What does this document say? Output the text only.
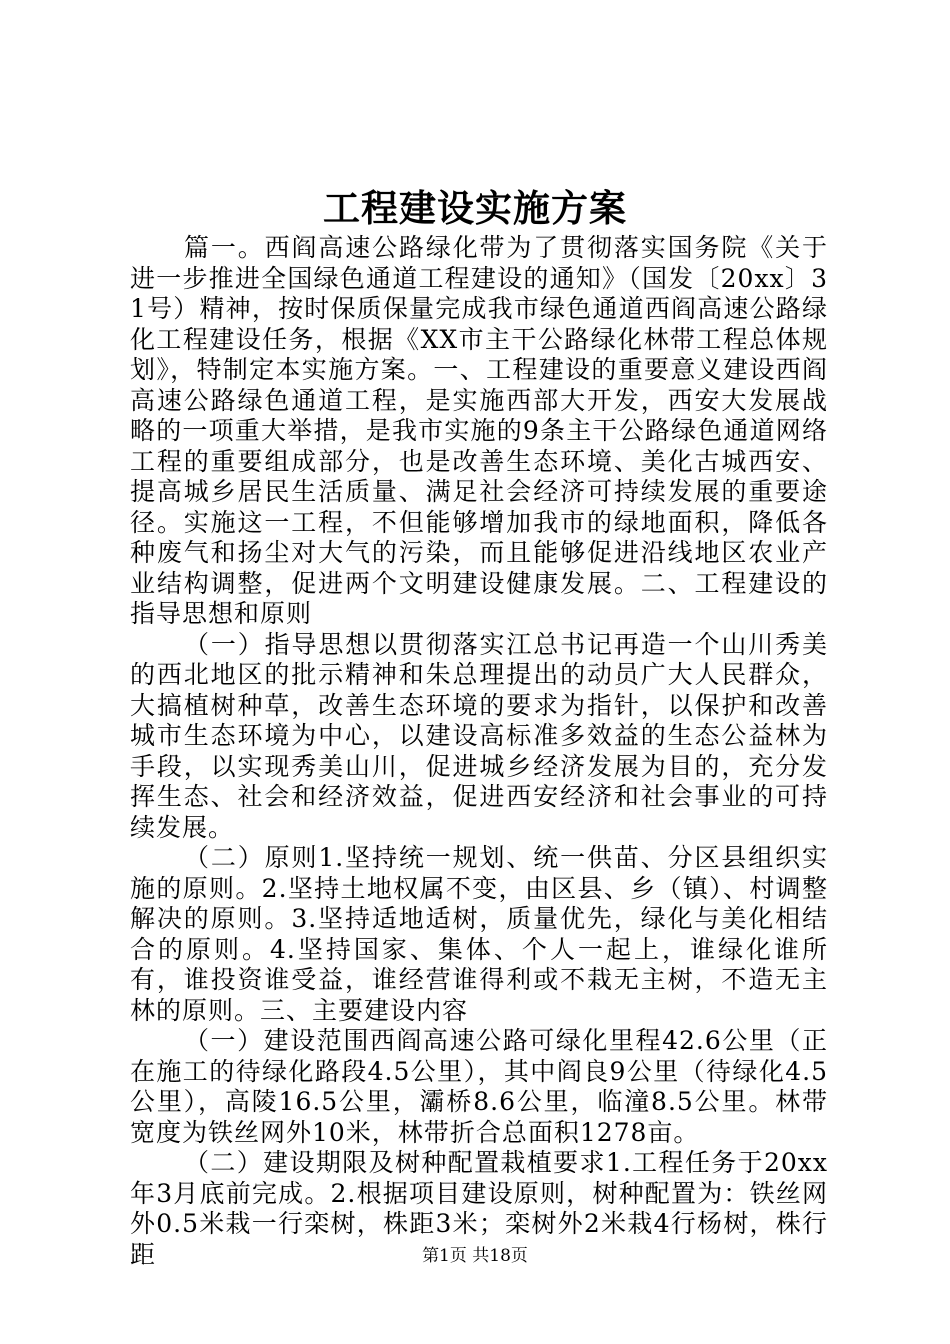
工程建设实施方案

篇一。西阎高速公路绿化带为了贯彻落实国务院《关于进一步推进全国绿色通道工程建设的通知》（国发〔20xx〕31号）精神，按时保质保量完成我市绿色通道西阎高速公路绿化工程建设任务，根据《XX市主干公路绿化林带工程总体规划》，特制定本实施方案。一、工程建设的重要意义建设西阎高速公路绿色通道工程，是实施西部大开发，西安大发展战略的一项重大举措，是我市实施的9条主干公路绿色通道网络工程的重要组成部分，也是改善生态环境、美化古城西安、提高城乡居民生活质量、满足社会经济可持续发展的重要途径。实施这一工程，不但能够增加我市的绿地面积，降低各种废气和扬尘对大气的污染，而且能够促进沿线地区农业产业结构调整，促进两个文明建设健康发展。二、工程建设的指导思想和原则

（一）指导思想以贯彻落实江总书记再造一个山川秀美的西北地区的批示精神和朱总理提出的动员广大人民群众，大搞植树种草，改善生态环境的要求为指针，以保护和改善城市生态环境为中心，以建设高标准多效益的生态公益林为手段，以实现秀美山川，促进城乡经济发展为目的，充分发挥生态、社会和经济效益，促进西安经济和社会事业的可持续发展。

（二）原则1.坚持统一规划、统一供苗、分区县组织实施的原则。2.坚持土地权属不变，由区县、乡（镇）、村调整解决的原则。3.坚持适地适树，质量优先，绿化与美化相结合的原则。4.坚持国家、集体、个人一起上，谁绿化谁所有，谁投资谁受益，谁经营谁得利或不栽无主树，不造无主林的原则。三、主要建设内容

（一）建设范围西阎高速公路可绿化里程42.6公里（正在施工的待绿化路段4.5公里），其中阎良9公里（待绿化4.5公里），高陵16.5公里，灞桥8.6公里，临潼8.5公里。林带宽度为铁丝网外10米，林带折合总面积1278亩。

（二）建设期限及树种配置栽植要求1.工程任务于20xx年3月底前完成。2.根据项目建设原则，树种配置为：铁丝网外0.5米栽一行栾树，株距3米；栾树外2米栽4行杨树，株行距	第1页 共18页
